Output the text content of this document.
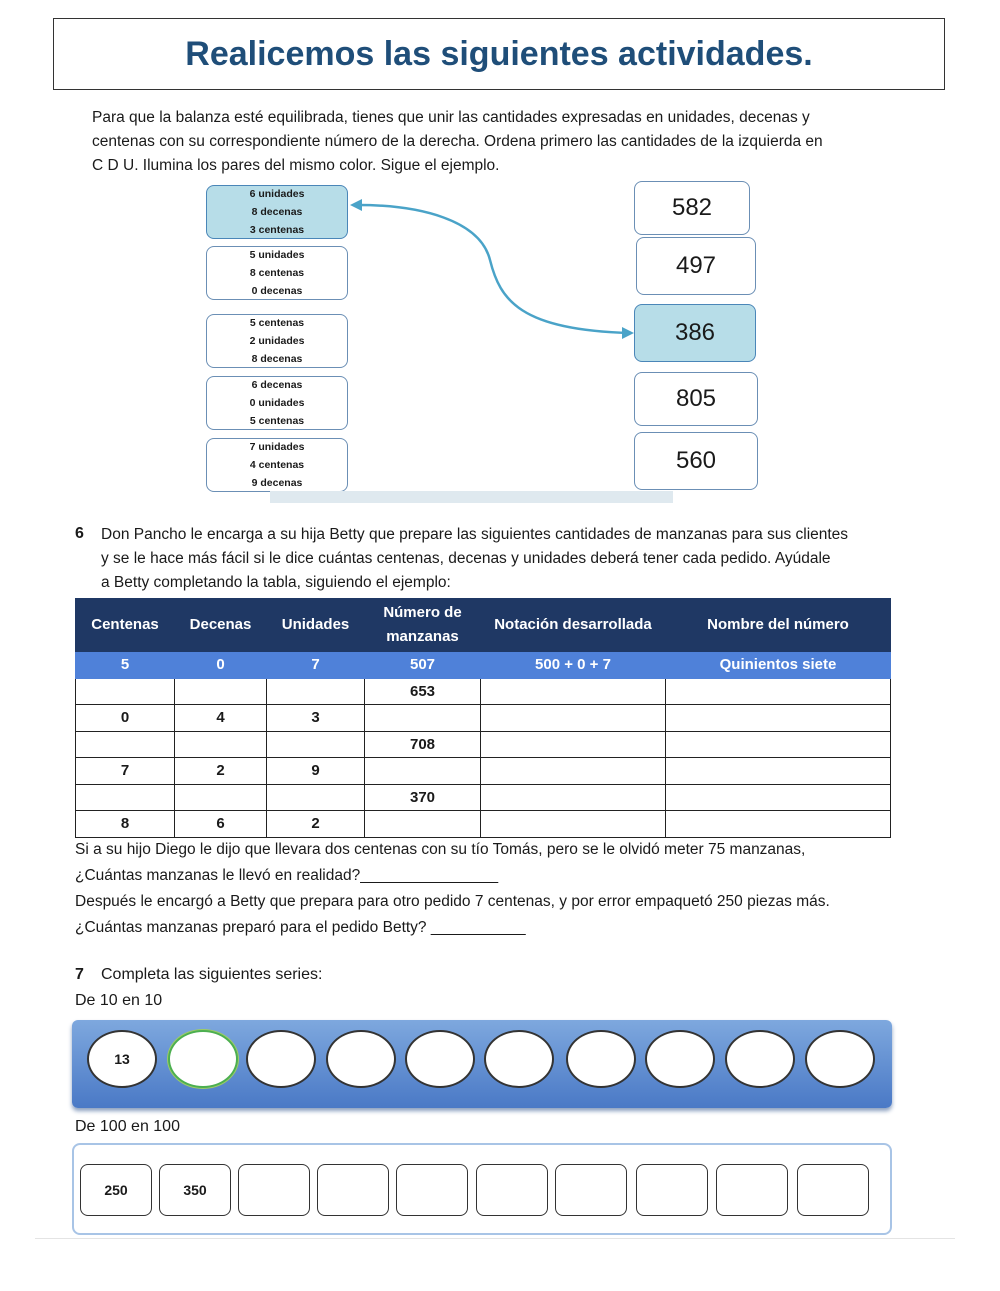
Realicemos las siguientes actividades.
Para que la balanza esté equilibrada, tienes que unir las cantidades expresadas en unidades, decenas y
centenas con su correspondiente número de la derecha. Ordena primero las cantidades de la izquierda en
C D U. Ilumina los pares del mismo color. Sigue el ejemplo.
6 unidades
8 decenas
3 centenas
5 unidades
8 centenas
0 decenas
5 centenas
2 unidades
8 decenas
6 decenas
0 unidades
5 centenas
7 unidades
4 centenas
9 decenas
582
497
386
805
560
6 Don Pancho le encarga a su hija Betty que prepare las siguientes cantidades de manzanas para sus clientes
y se le hace más fácil si le dice cuántas centenas, decenas y unidades deberá tener cada pedido. Ayúdale
a Betty completando la tabla, siguiendo el ejemplo:
Centenas	Decenas	Unidades	Número de manzanas	Notación desarrollada	Nombre del número
5	0	7	507	500 + 0 + 7	Quinientos siete
			653		
0	4	3			
			708		
7	2	9			
			370		
8	6	2			
Si a su hijo Diego le dijo que llevara dos centenas con su tío Tomás, pero se le olvidó meter 75 manzanas,
¿Cuántas manzanas le llevó en realidad?________________
Después le encargó a Betty que prepara para otro pedido 7 centenas, y por error empaquetó 250 piezas más.
¿Cuántas manzanas preparó para el pedido Betty? ___________
7 Completa las siguientes series:
De 10 en 10
13
De 100 en 100
250	350
